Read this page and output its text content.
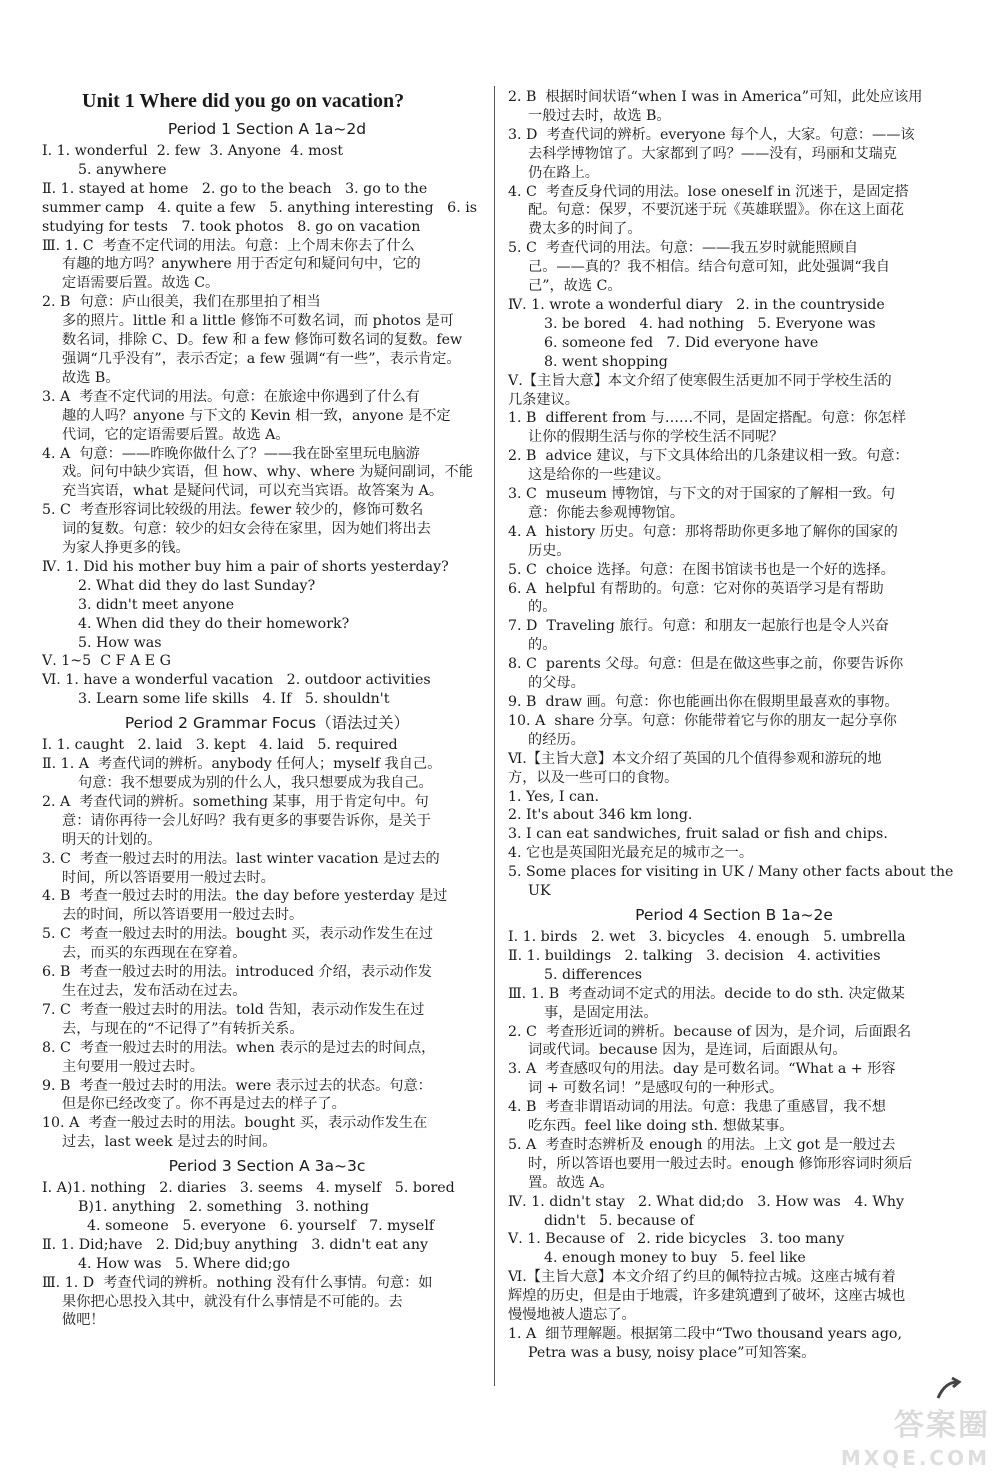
Unit 1 Where did you go on vacation?
Period 1 Section A 1a~2d
Ⅰ. 1. wonderful  2. few  3. Anyone  4. most
5. anywhere
Ⅱ. 1. stayed at home   2. go to the beach   3. go to the
summer camp   4. quite a few   5. anything interesting   6. is
studying for tests   7. took photos   8. go on vacation
Ⅲ. 1. C  考查不定代词的用法。句意：上个周末你去了什么
有趣的地方吗？anywhere 用于否定句和疑问句中，它的
定语需要后置。故选 C。
2. B  句意：庐山很美，我们在那里拍了相当
多的照片。little 和 a little 修饰不可数名词，而 photos 是可
数名词，排除 C、D。few 和 a few 修饰可数名词的复数。few
强调“几乎没有”，表示否定；a few 强调“有一些”，表示肯定。
故选 B。
3. A  考查不定代词的用法。句意：在旅途中你遇到了什么有
趣的人吗？anyone 与下文的 Kevin 相一致，anyone 是不定
代词，它的定语需要后置。故选 A。
4. A  句意：——昨晚你做什么了？——我在卧室里玩电脑游
戏。问句中缺少宾语，但 how、why、where 为疑问副词，不能
充当宾语，what 是疑问代词，可以充当宾语。故答案为 A。
5. C  考查形容词比较级的用法。fewer 较少的，修饰可数名
词的复数。句意：较少的妇女会待在家里，因为她们将出去
为家人挣更多的钱。
Ⅳ. 1. Did his mother buy him a pair of shorts yesterday?
2. What did they do last Sunday?
3. didn't meet anyone
4. When did they do their homework?
5. How was
Ⅴ. 1~5  C F A E G
Ⅵ. 1. have a wonderful vacation   2. outdoor activities
3. Learn some life skills   4. If   5. shouldn't
Period 2 Grammar Focus（语法过关）
Ⅰ. 1. caught   2. laid   3. kept   4. laid   5. required
Ⅱ. 1. A  考查代词的辨析。anybody 任何人；myself 我自己。
句意：我不想要成为别的什么人，我只想要成为我自己。
2. A  考查代词的辨析。something 某事，用于肯定句中。句
意：请你再待一会儿好吗？我有更多的事要告诉你，是关于
明天的计划的。
3. C  考查一般过去时的用法。last winter vacation 是过去的
时间，所以答语要用一般过去时。
4. B  考查一般过去时的用法。the day before yesterday 是过
去的时间，所以答语要用一般过去时。
5. C  考查一般过去时的用法。bought 买，表示动作发生在过
去，而买的东西现在在穿着。
6. B  考查一般过去时的用法。introduced 介绍，表示动作发
生在过去，发布活动在过去。
7. C  考查一般过去时的用法。told 告知，表示动作发生在过
去，与现在的“不记得了”有转折关系。
8. C  考查一般过去时的用法。when 表示的是过去的时间点，
主句要用一般过去时。
9. B  考查一般过去时的用法。were 表示过去的状态。句意：
但是你已经改变了。你不再是过去的样子了。
10. A  考查一般过去时的用法。bought 买，表示动作发生在
过去，last week 是过去的时间。
Period 3 Section A 3a~3c
Ⅰ. A)1. nothing   2. diaries   3. seems   4. myself   5. bored
B)1. anything   2. something   3. nothing
4. someone   5. everyone   6. yourself   7. myself
Ⅱ. 1. Did;have   2. Did;buy anything   3. didn't eat any
4. How was   5. Where did;go
Ⅲ. 1. D  考查代词的辨析。nothing 没有什么事情。句意：如
果你把心思投入其中，就没有什么事情是不可能的。去
做吧！
2. B  根据时间状语“when I was in America”可知，此处应该用
一般过去时，故选 B。
3. D  考查代词的辨析。everyone 每个人，大家。句意：——该
去科学博物馆了。大家都到了吗？——没有，玛丽和艾瑞克
仍在路上。
4. C  考查反身代词的用法。lose oneself in 沉迷于，是固定搭
配。句意：保罗，不要沉迷于玩《英雄联盟》。你在这上面花
费太多的时间了。
5. C  考查代词的用法。句意：——我五岁时就能照顾自
己。——真的？我不相信。结合句意可知，此处强调“我自
己”，故选 C。
Ⅳ. 1. wrote a wonderful diary   2. in the countryside
3. be bored   4. had nothing   5. Everyone was
6. someone fed   7. Did everyone have
8. went shopping
Ⅴ.【主旨大意】本文介绍了使寒假生活更加不同于学校生活的
几条建议。
1. B  different from 与……不同，是固定搭配。句意：你怎样
让你的假期生活与你的学校生活不同呢？
2. B  advice 建议，与下文具体给出的几条建议相一致。句意：
这是给你的一些建议。
3. C  museum 博物馆，与下文的对于国家的了解相一致。句
意：你能去参观博物馆。
4. A  history 历史。句意：那将帮助你更多地了解你的国家的
历史。
5. C  choice 选择。句意：在图书馆读书也是一个好的选择。
6. A  helpful 有帮助的。句意：它对你的英语学习是有帮助
的。
7. D  Traveling 旅行。句意：和朋友一起旅行也是令人兴奋
的。
8. C  parents 父母。句意：但是在做这些事之前，你要告诉你
的父母。
9. B  draw 画。句意：你也能画出你在假期里最喜欢的事物。
10. A  share 分享。句意：你能带着它与你的朋友一起分享你
的经历。
Ⅵ.【主旨大意】本文介绍了英国的几个值得参观和游玩的地
方，以及一些可口的食物。
1. Yes, I can.
2. It's about 346 km long.
3. I can eat sandwiches, fruit salad or fish and chips.
4. 它也是英国阳光最充足的城市之一。
5. Some places for visiting in UK / Many other facts about the
UK
Period 4 Section B 1a~2e
Ⅰ. 1. birds   2. wet   3. bicycles   4. enough   5. umbrella
Ⅱ. 1. buildings   2. talking   3. decision   4. activities
5. differences
Ⅲ. 1. B  考查动词不定式的用法。decide to do sth. 决定做某
事，是固定用法。
2. C  考查形近词的辨析。because of 因为，是介词，后面跟名
词或代词。because 因为，是连词，后面跟从句。
3. A  考查感叹句的用法。day 是可数名词。“What a + 形容
词 + 可数名词！”是感叹句的一种形式。
4. B  考查非谓语动词的用法。句意：我患了重感冒，我不想
吃东西。feel like doing sth. 想做某事。
5. A  考查时态辨析及 enough 的用法。上文 got 是一般过去
时，所以答语也要用一般过去时。enough 修饰形容词时须后
置。故选 A。
Ⅳ. 1. didn't stay   2. What did;do   3. How was   4. Why
didn't   5. because of
Ⅴ. 1. Because of   2. ride bicycles   3. too many
4. enough money to buy   5. feel like
Ⅵ.【主旨大意】本文介绍了约旦的佩特拉古城。这座古城有着
辉煌的历史，但是由于地震，许多建筑遭到了破坏，这座古城也
慢慢地被人遗忘了。
1. A  细节理解题。根据第二段中“Two thousand years ago,
Petra was a busy, noisy place”可知答案。
答案圈
MXQE.COM
